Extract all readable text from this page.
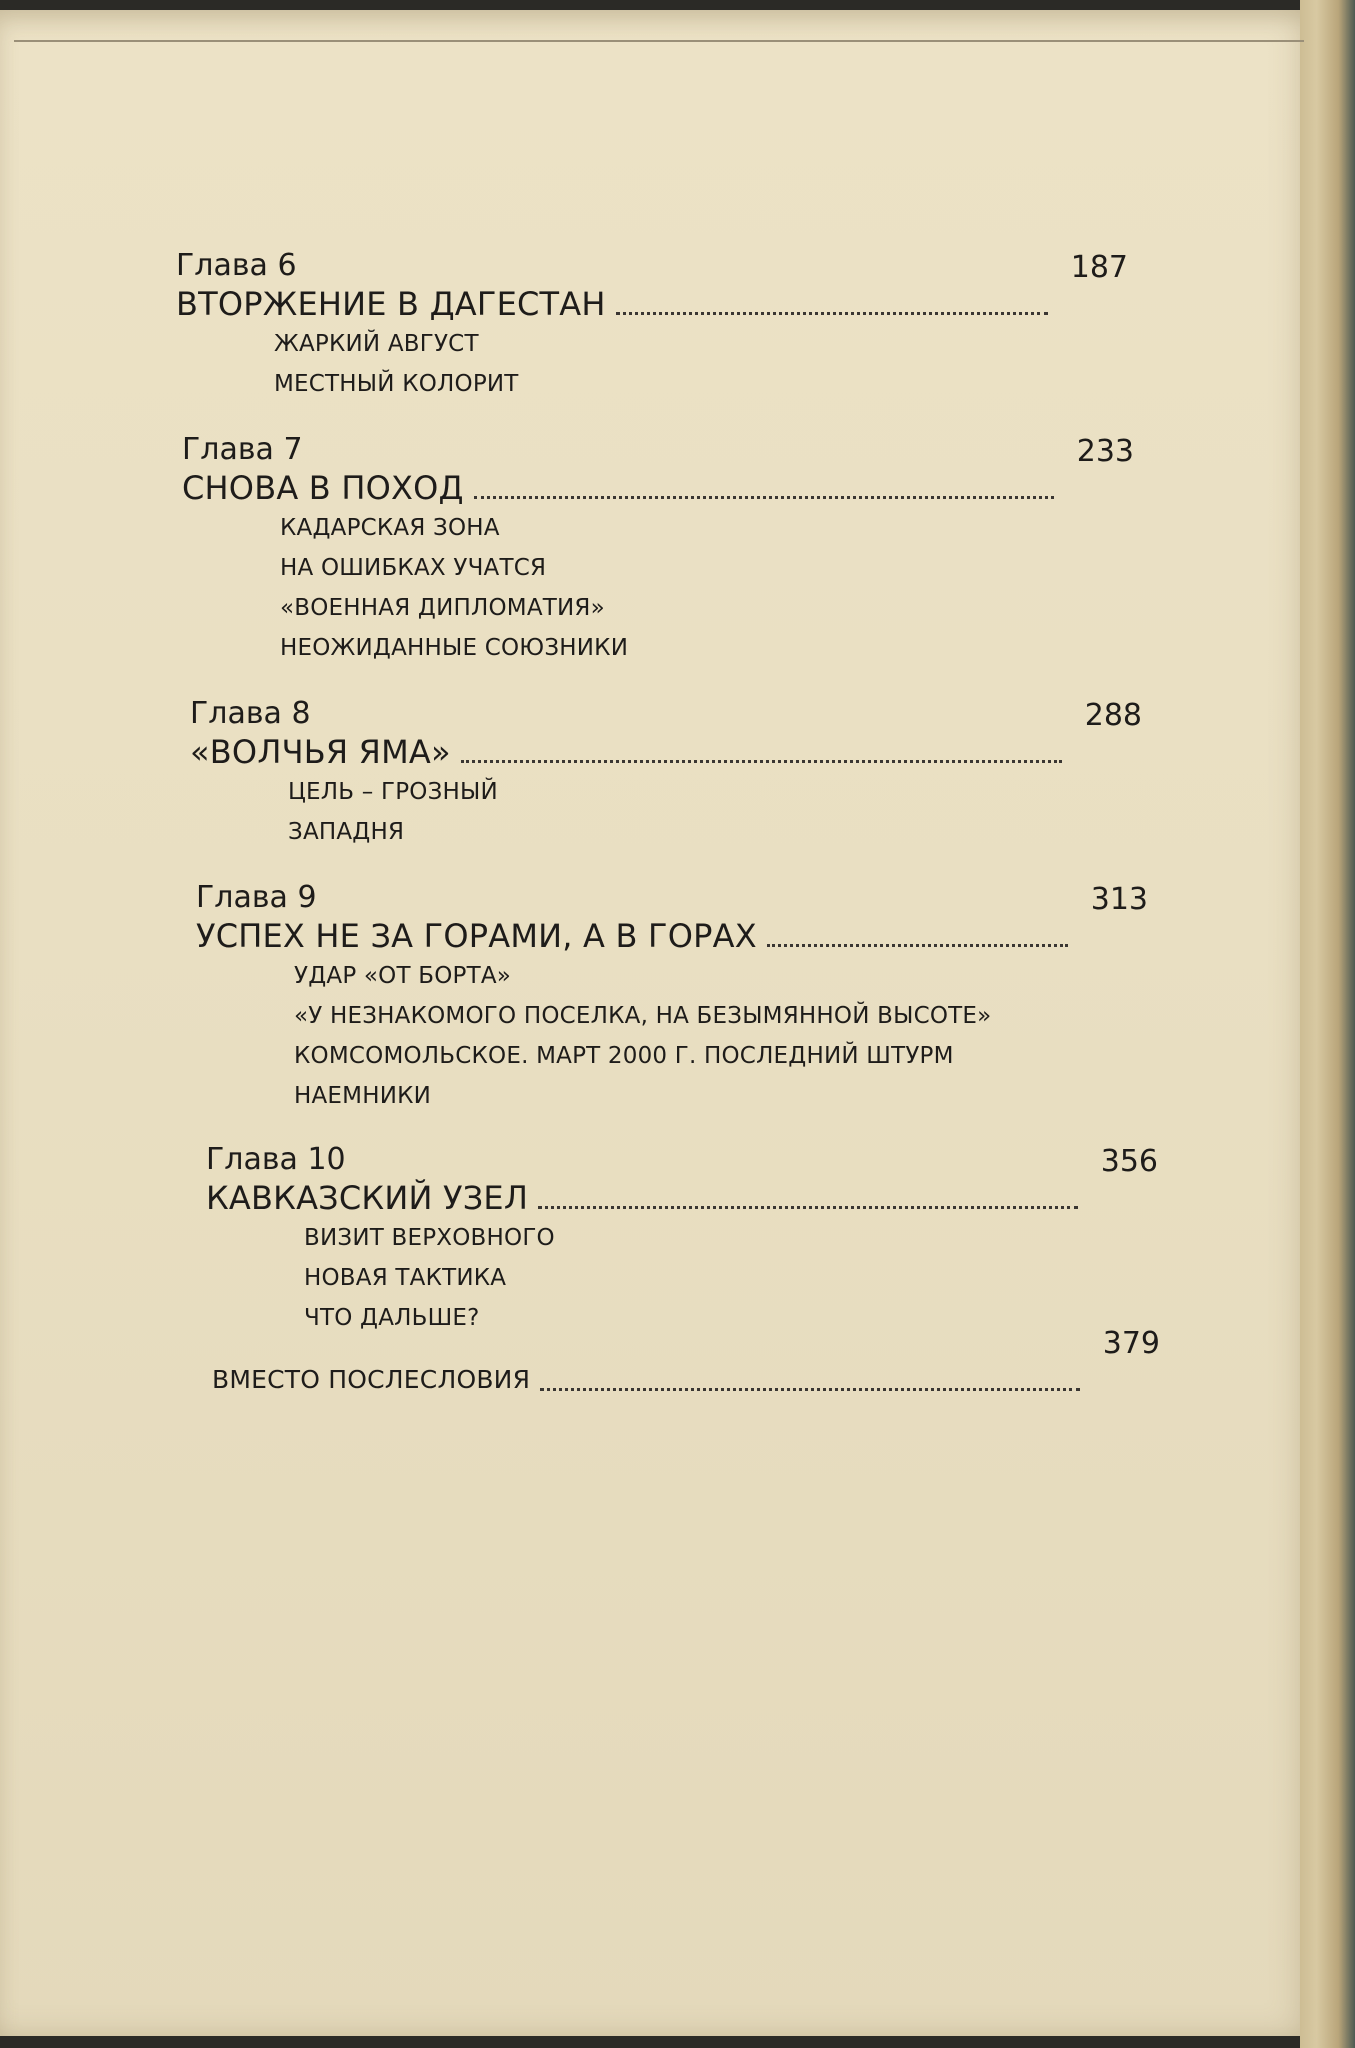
Глава 6
ВТОРЖЕНИЕ В ДАГЕСТАН
187
ЖАРКИЙ АВГУСТ
МЕСТНЫЙ КОЛОРИТ
Глава 7
СНОВА В ПОХОД
233
КАДАРСКАЯ ЗОНА
НА ОШИБКАХ УЧАТСЯ
«ВОЕННАЯ ДИПЛОМАТИЯ»
НЕОЖИДАННЫЕ СОЮЗНИКИ
Глава 8
«ВОЛЧЬЯ ЯМА»
288
ЦЕЛЬ – ГРОЗНЫЙ
ЗАПАДНЯ
Глава 9
УСПЕХ НЕ ЗА ГОРАМИ, А В ГОРАХ
313
УДАР «ОТ БОРТА»
«У НЕЗНАКОМОГО ПОСЕЛКА, НА БЕЗЫМЯННОЙ ВЫСОТЕ»
КОМСОМОЛЬСКОЕ. МАРТ 2000 Г. ПОСЛЕДНИЙ ШТУРМ
НАЕМНИКИ
Глава 10
КАВКАЗСКИЙ УЗЕЛ
356
ВИЗИТ ВЕРХОВНОГО
НОВАЯ ТАКТИКА
ЧТО ДАЛЬШЕ?
ВМЕСТО ПОСЛЕСЛОВИЯ
379
